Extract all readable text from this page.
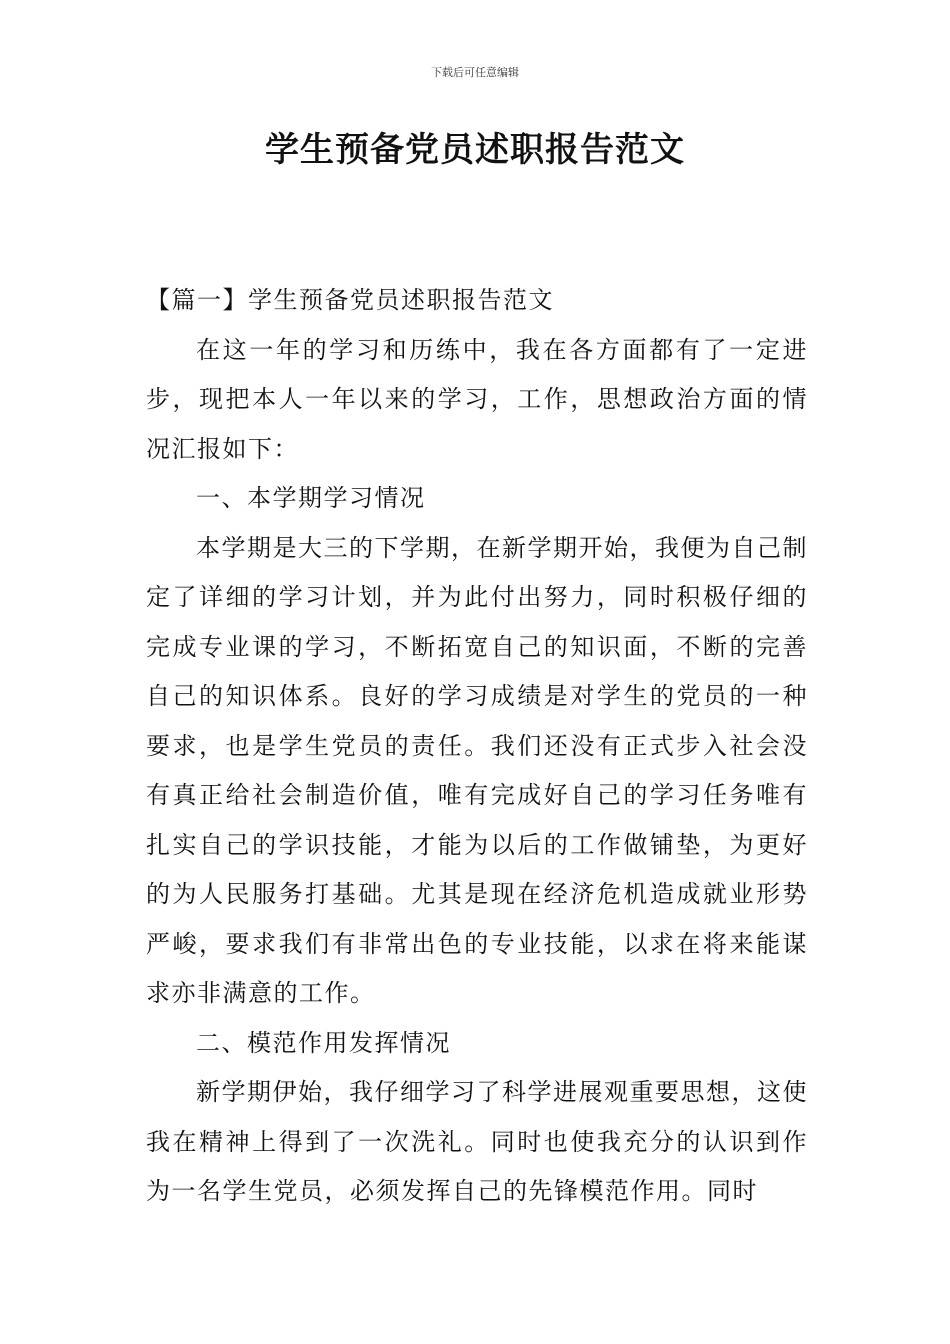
下载后可任意编辑
学生预备党员述职报告范文

【篇一】学生预备党员述职报告范文

在这一年的学习和历练中，我在各方面都有了一定进步，现把本人一年以来的学习，工作，思想政治方面的情况汇报如下：

一、本学期学习情况

本学期是大三的下学期，在新学期开始，我便为自己制定了详细的学习计划，并为此付出努力，同时积极仔细的完成专业课的学习，不断拓宽自己的知识面，不断的完善自己的知识体系。良好的学习成绩是对学生的党员的一种要求，也是学生党员的责任。我们还没有正式步入社会没有真正给社会制造价值，唯有完成好自己的学习任务唯有扎实自己的学识技能，才能为以后的工作做铺垫，为更好的为人民服务打基础。尤其是现在经济危机造成就业形势严峻，要求我们有非常出色的专业技能，以求在将来能谋求亦非满意的工作。

二、模范作用发挥情况

新学期伊始，我仔细学习了科学进展观重要思想，这使我在精神上得到了一次洗礼。同时也使我充分的认识到作为一名学生党员，必须发挥自己的先锋模范作用。同时
